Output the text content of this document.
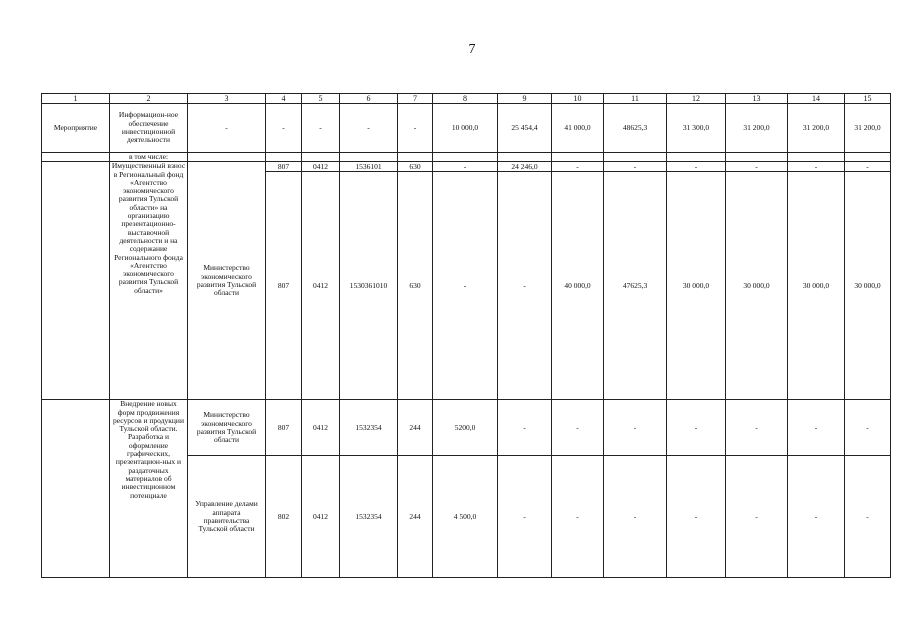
7
1	2	3	4	5	6	7	8	9	10	11	12	13	14	15
Мероприятие	Информацион-ное обеспечение инвестиционной деятельности	-	-	-	-	-	10 000,0	25 454,4	41 000,0	48625,3	31 300,0	31 200,0	31 200,0	31 200,0
	в том числе:													
	Имущественный взнос в Региональный фонд «Агентство экономического развития Тульской области» на организацию презентационно-выставочной деятельности и на содержание Регионального фонда «Агентство экономического развития Тульской области»	Министерство экономического развития Тульской области	807	0412	1536101	630	-	24 246,0	-	-	-	-	-	-
			807	0412	1530361010	630	-	-	40 000,0	47625,3	30 000,0	30 000,0	30 000,0	30 000,0
	Внедрение новых форм продвижения ресурсов и продукции Тульской области. Разработка и оформление графических, презентацион-ных и раздаточных материалов об инвестиционном потенциале	Министерство экономического развития Тульской области	807	0412	1532354	244	5200,0	-	-	-	-	-	-	-
		Управление делами аппарата правительства Тульской области	802	0412	1532354	244	4 500,0	-	-	-	-	-	-	-
